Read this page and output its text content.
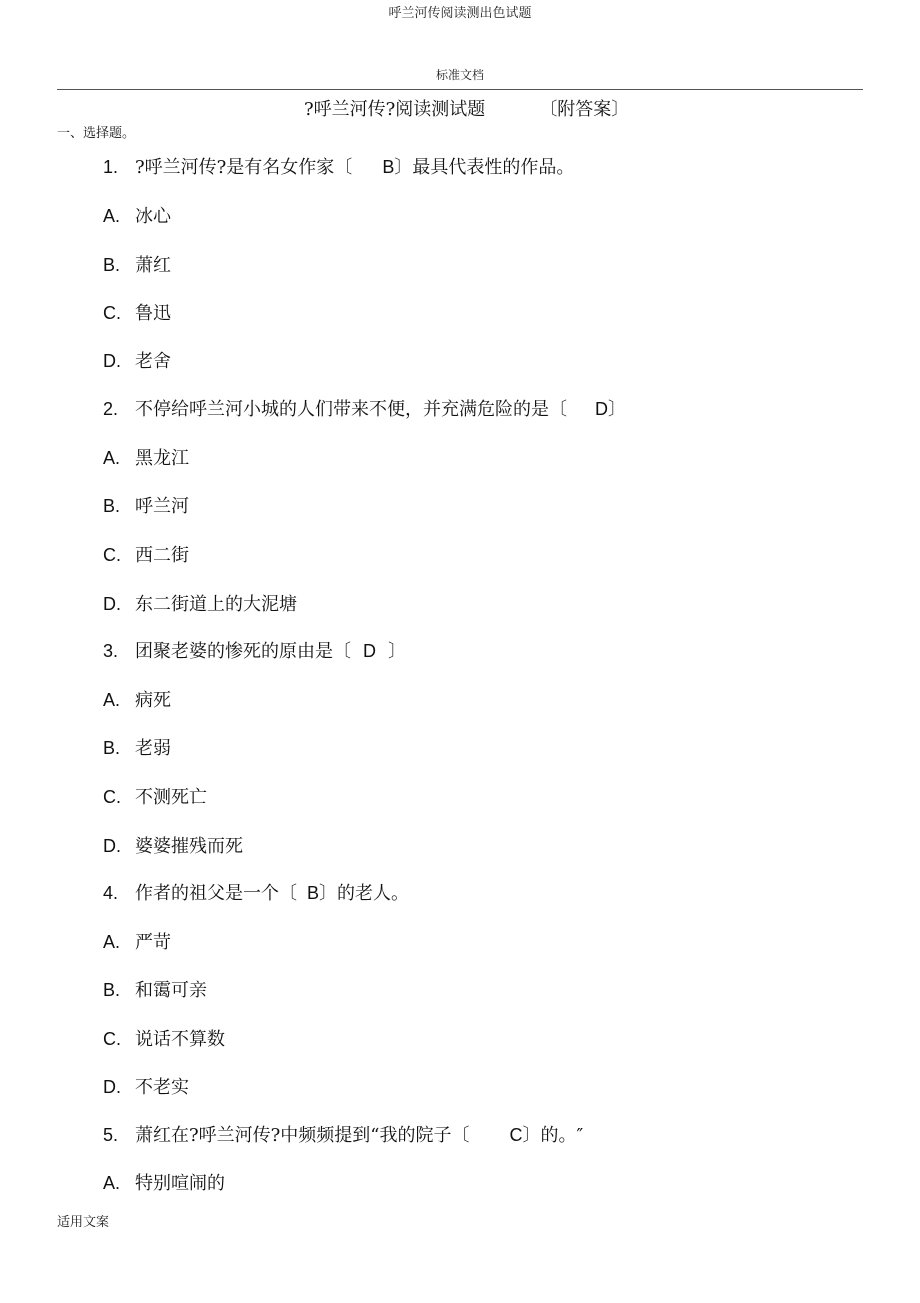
呼兰河传阅读测出色试题
标准文档
?呼兰河传?阅读测试题	〔附答案〕
一、选择题。
1. ?呼兰河传?是有名女作家〔 B〕最具代表性的作品。
A. 冰心
B. 萧红
C. 鲁迅
D. 老舍
2. 不停给呼兰河小城的人们带来不便，并充满危险的是〔 D〕
A. 黑龙江
B. 呼兰河
C. 西二街
D. 东二街道上的大泥塘
3. 团聚老婆的惨死的原由是〔 D 〕
A. 病死
B. 老弱
C. 不测死亡
D. 婆婆摧残而死
4. 作者的祖父是一个〔 B〕的老人。
A. 严苛
B. 和霭可亲
C. 说话不算数
D. 不老实
5. 萧红在?呼兰河传?中频频提到“我的院子〔 C〕的。″
A. 特别喧闹的
适用文案
